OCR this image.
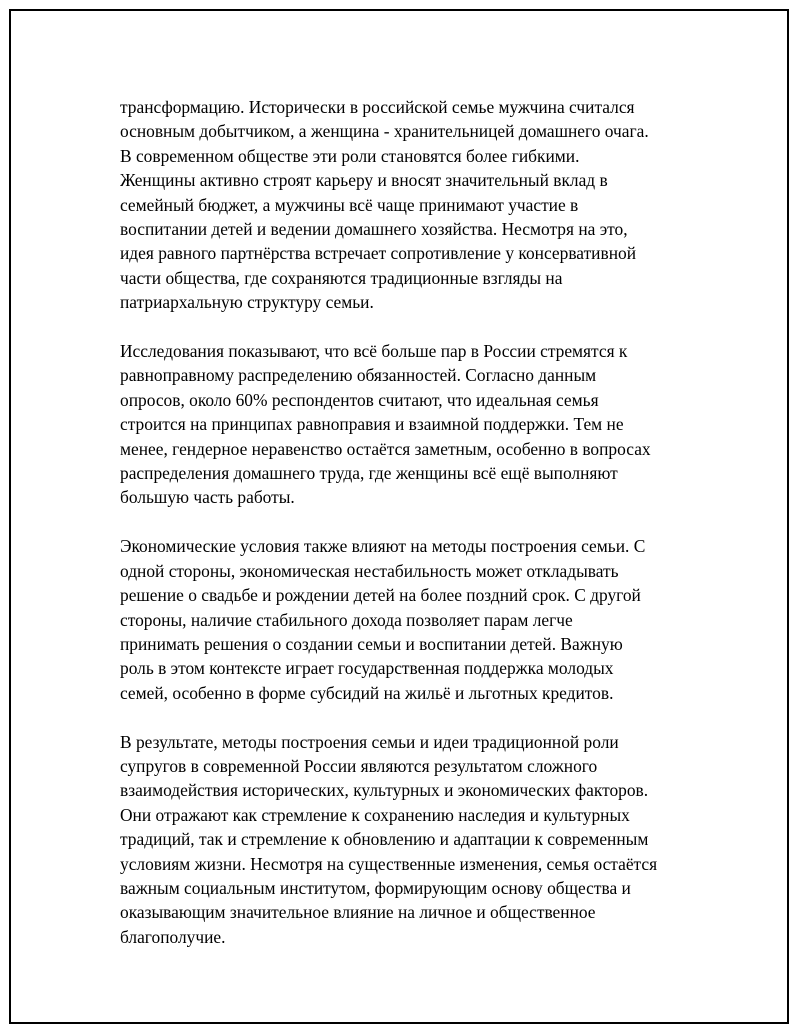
трансформацию. Исторически в российской семье мужчина считался
основным добытчиком, а женщина - хранительницей домашнего очага.
В современном обществе эти роли становятся более гибкими.
Женщины активно строят карьеру и вносят значительный вклад в
семейный бюджет, а мужчины всё чаще принимают участие в
воспитании детей и ведении домашнего хозяйства. Несмотря на это,
идея равного партнёрства встречает сопротивление у консервативной
части общества, где сохраняются традиционные взгляды на
патриархальную структуру семьи.

Исследования показывают, что всё больше пар в России стремятся к
равноправному распределению обязанностей. Согласно данным
опросов, около 60% респондентов считают, что идеальная семья
строится на принципах равноправия и взаимной поддержки. Тем не
менее, гендерное неравенство остаётся заметным, особенно в вопросах
распределения домашнего труда, где женщины всё ещё выполняют
большую часть работы.

Экономические условия также влияют на методы построения семьи. С
одной стороны, экономическая нестабильность может откладывать
решение о свадьбе и рождении детей на более поздний срок. С другой
стороны, наличие стабильного дохода позволяет парам легче
принимать решения о создании семьи и воспитании детей. Важную
роль в этом контексте играет государственная поддержка молодых
семей, особенно в форме субсидий на жильё и льготных кредитов.

В результате, методы построения семьи и идеи традиционной роли
супругов в современной России являются результатом сложного
взаимодействия исторических, культурных и экономических факторов.
Они отражают как стремление к сохранению наследия и культурных
традиций, так и стремление к обновлению и адаптации к современным
условиям жизни. Несмотря на существенные изменения, семья остаётся
важным социальным институтом, формирующим основу общества и
оказывающим значительное влияние на личное и общественное
благополучие.
